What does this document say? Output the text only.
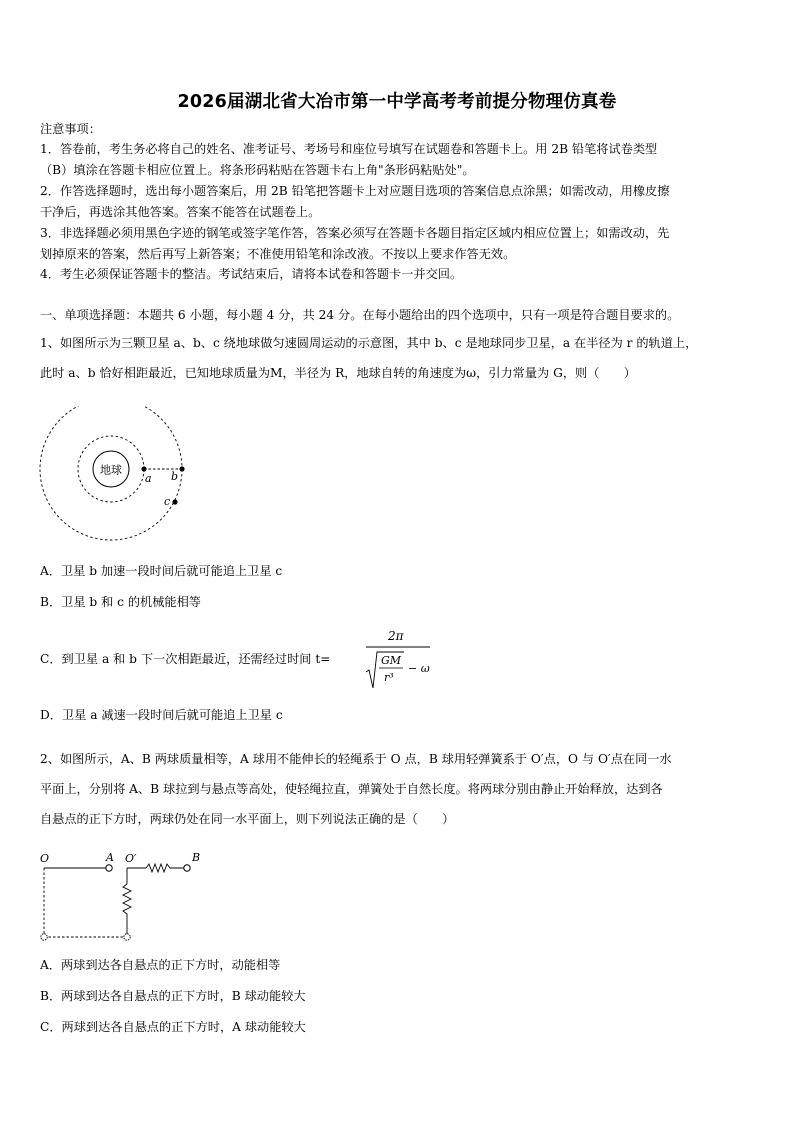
2026届湖北省大冶市第一中学高考考前提分物理仿真卷
注意事项：
1．答卷前，考生务必将自己的姓名、准考证号、考场号和座位号填写在试题卷和答题卡上。用 2B 铅笔将试卷类型
（B）填涂在答题卡相应位置上。将条形码粘贴在答题卡右上角"条形码粘贴处"。
2．作答选择题时，选出每小题答案后，用 2B 铅笔把答题卡上对应题目选项的答案信息点涂黑；如需改动，用橡皮擦
干净后，再选涂其他答案。答案不能答在试题卷上。
3．非选择题必须用黑色字迹的钢笔或签字笔作答，答案必须写在答题卡各题目指定区域内相应位置上；如需改动，先
划掉原来的答案，然后再写上新答案；不准使用铅笔和涂改液。不按以上要求作答无效。
4．考生必须保证答题卡的整洁。考试结束后，请将本试卷和答题卡一并交回。
一、单项选择题：本题共 6 小题，每小题 4 分，共 24 分。在每小题给出的四个选项中，只有一项是符合题目要求的。
1、如图所示为三颗卫星 a、b、c 绕地球做匀速圆周运动的示意图，其中 b、c 是地球同步卫星，a 在半径为 r 的轨道上，
此时 a、b 恰好相距最近，已知地球质量为M，半径为 R，地球自转的角速度为ω，引力常量为 G，则（　　）
地球
a b
c
A．卫星 b 加速一段时间后就可能追上卫星 c
B．卫星 b 和 c 的机械能相等
C．到卫星 a 和 b 下一次相距最近，还需经过时间 t=
2π
GM
r³
− ω
D．卫星 a 减速一段时间后就可能追上卫星 c
2、如图所示，A、B 两球质量相等，A 球用不能伸长的轻绳系于 O 点，B 球用轻弹簧系于 O′点，O 与 O′点在同一水
平面上，分别将 A、B 球拉到与悬点等高处，使轻绳拉直，弹簧处于自然长度。将两球分别由静止开始释放，达到各
自悬点的正下方时，两球仍处在同一水平面上，则下列说法正确的是（　　）
O	A O′	B
A．两球到达各自悬点的正下方时，动能相等
B．两球到达各自悬点的正下方时，B 球动能较大
C．两球到达各自悬点的正下方时，A 球动能较大
